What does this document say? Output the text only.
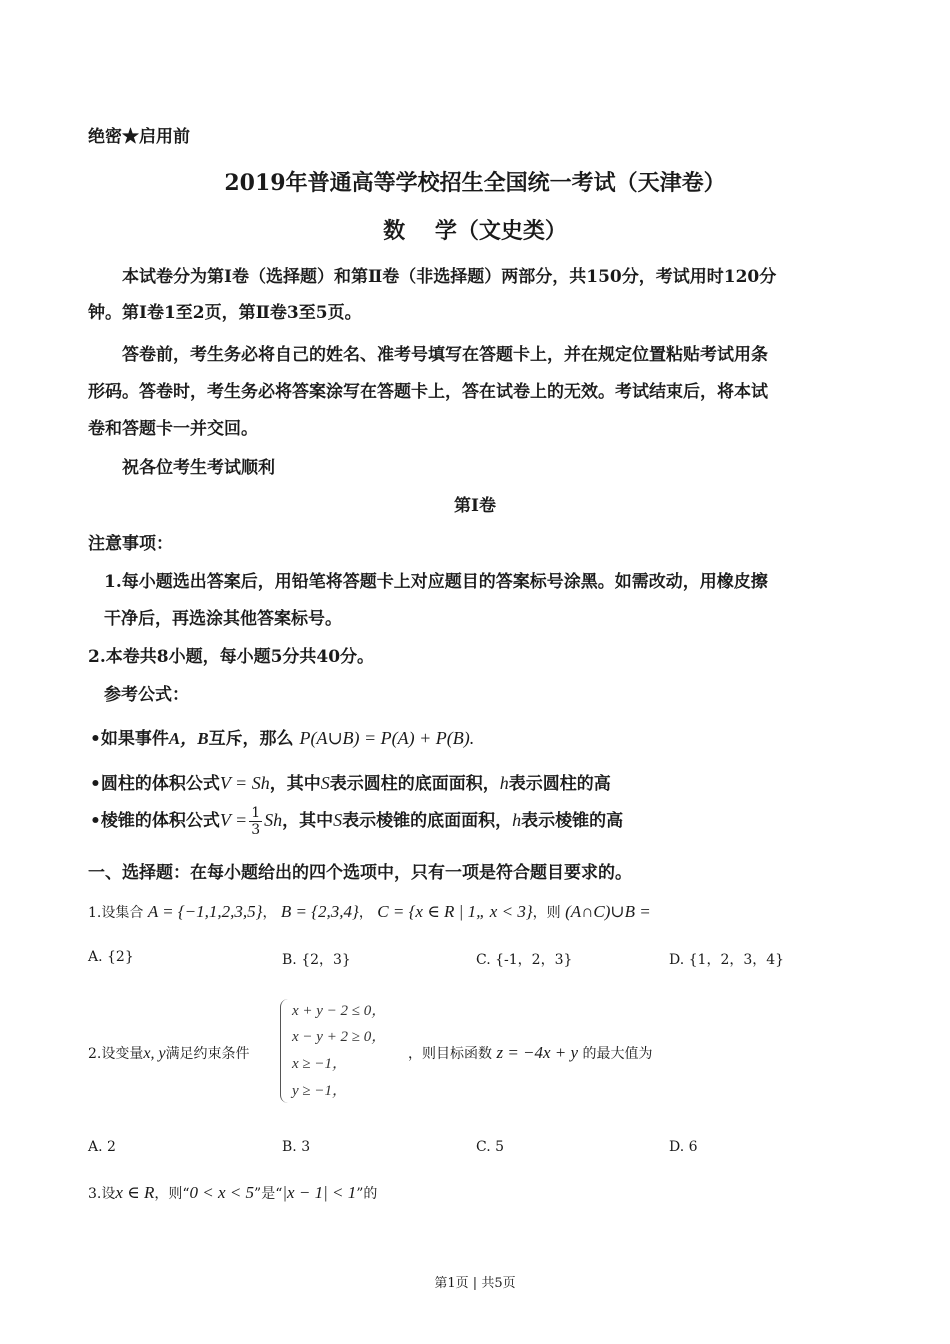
绝密★启用前
2019年普通高等学校招生全国统一考试（天津卷）
数　 学（文史类）
本试卷分为第Ⅰ卷（选择题）和第Ⅱ卷（非选择题）两部分，共150分，考试用时120分
钟。第Ⅰ卷1至2页，第Ⅱ卷3至5页。
答卷前，考生务必将自己的姓名、准考号填写在答题卡上，并在规定位置粘贴考试用条
形码。答卷时，考生务必将答案涂写在答题卡上，答在试卷上的无效。考试结束后，将本试
卷和答题卡一并交回。
祝各位考生考试顺利
第Ⅰ卷
注意事项：
1.每小题选出答案后，用铅笔将答题卡上对应题目的答案标号涂黑。如需改动，用橡皮擦
干净后，再选涂其他答案标号。
2.本卷共8小题，每小题5分共40分。
参考公式：
•如果事件A，B互斥，那么 P(A∪B) = P(A) + P(B).
•圆柱的体积公式V = Sh，其中S表示圆柱的底面面积，h表示圆柱的高
•棱锥的体积公式$V = \frac{1}{3}$ Sh，其中S表示棱锥的底面面积，h表示棱锥的高
一、选择题：在每小题给出的四个选项中，只有一项是符合题目要求的。
1.设集合 A = {−1,1,2,3,5}， B = {2,3,4}， C = {x ∈ R | 1„ x < 3}，则 (A∩C)∪B =
A. {2}	B. {2，3}	C. {-1，2，3}	D. {1，2，3，4}
2.设变量x, y满足约束条件
x + y − 2 ≤ 0，
x − y + 2 ≥ 0，
x ≥ −1，
y ≥ −1，
，则目标函数 z = −4x + y 的最大值为
A. 2	B. 3	C. 5	D. 6
3.设x ∈ R，则“0 < x < 5”是“|x − 1| < 1”的
第1页 | 共5页
